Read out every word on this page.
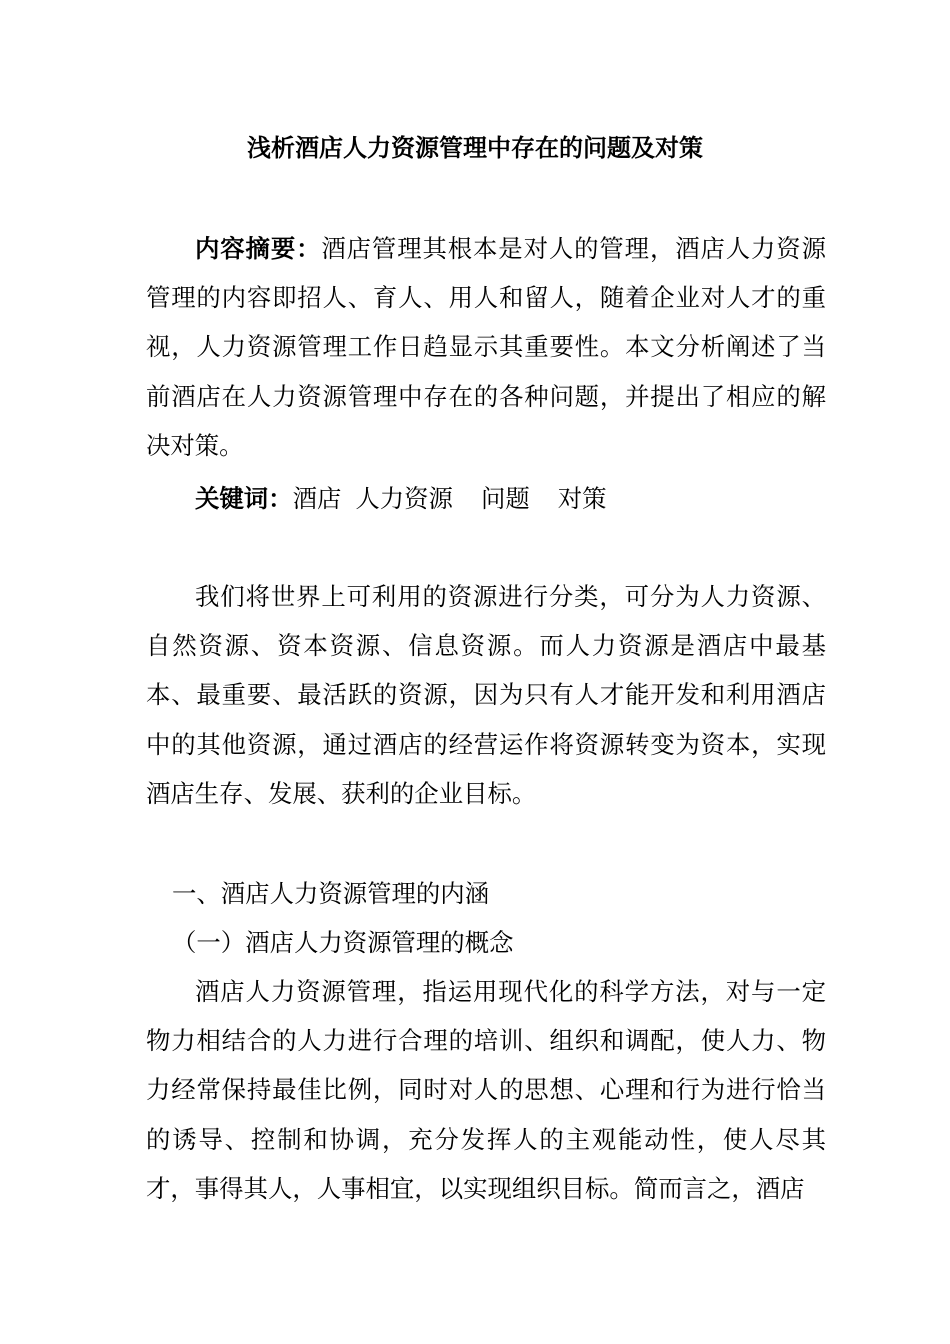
浅析酒店人力资源管理中存在的问题及对策
内容摘要：酒店管理其根本是对人的管理，酒店人力资源管理的内容即招人、育人、用人和留人，随着企业对人才的重视，人力资源管理工作日趋显示其重要性。本文分析阐述了当前酒店在人力资源管理中存在的各种问题，并提出了相应的解决对策。
关键词：酒店 人力资源 问题 对策
我们将世界上可利用的资源进行分类，可分为人力资源、自然资源、资本资源、信息资源。而人力资源是酒店中最基本、最重要、最活跃的资源，因为只有人才能开发和利用酒店中的其他资源，通过酒店的经营运作将资源转变为资本，实现酒店生存、发展、获利的企业目标。
一、酒店人力资源管理的内涵
（一）酒店人力资源管理的概念
酒店人力资源管理，指运用现代化的科学方法，对与一定物力相结合的人力进行合理的培训、组织和调配，使人力、物力经常保持最佳比例，同时对人的思想、心理和行为进行恰当的诱导、控制和协调，充分发挥人的主观能动性，使人尽其才，事得其人，人事相宜，以实现组织目标。简而言之，酒店
